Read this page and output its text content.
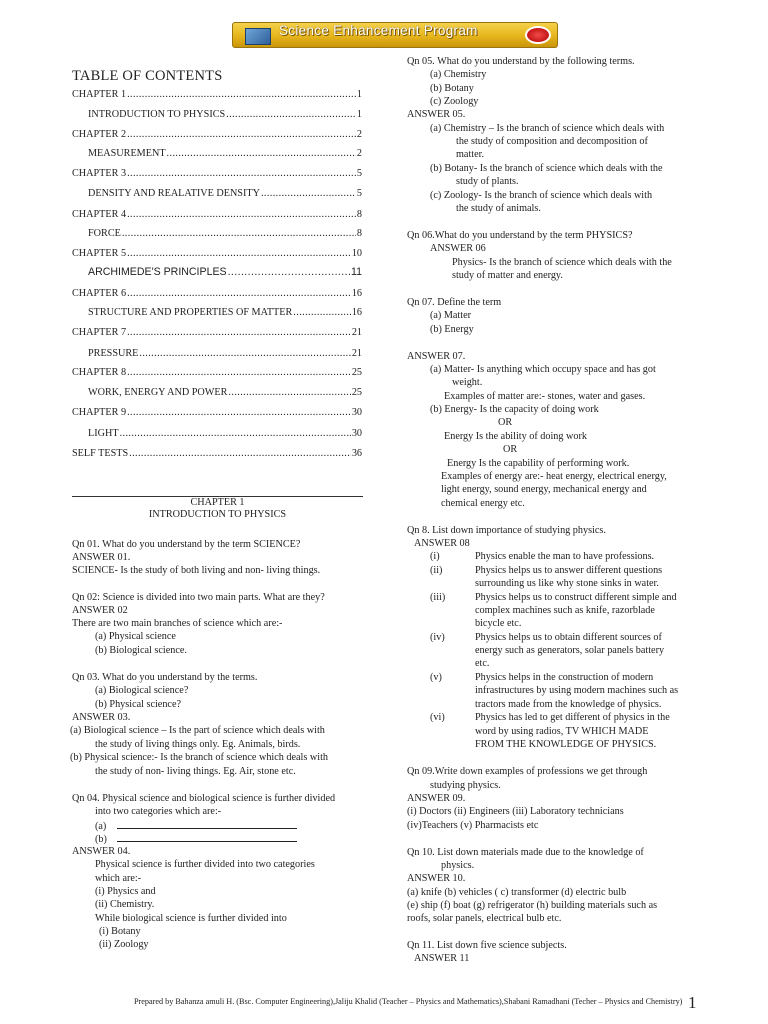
Science Enhancement Program
TABLE OF CONTENTS
CHAPTER 1 .....	1
INTRODUCTION TO PHYSICS .....	1
CHAPTER 2 .....	2
MEASUREMENT .....	2
CHAPTER 3 .....	5
DENSITY AND REALATIVE DENSITY .....	5
CHAPTER 4 .....	8
FORCE .....	8
CHAPTER 5 .....	10
ARCHIMEDE'S PRINCIPLES .....	11
CHAPTER 6 .....	16
STRUCTURE AND PROPERTIES OF MATTER .....	16
CHAPTER 7 .....	21
PRESSURE .....	21
CHAPTER 8 .....	25
WORK, ENERGY AND POWER .....	25
CHAPTER 9 .....	30
LIGHT .....	30
SELF TESTS .....	36
CHAPTER 1
INTRODUCTION TO PHYSICS
Qn 01. What do you understand by the term SCIENCE?
ANSWER 01.
SCIENCE- Is the study of both living and non- living things.
Qn 02: Science is divided into two main parts. What are they?
ANSWER 02
There are two main branches of science which are:-
(a) Physical science
(b) Biological science.
Qn 03. What do you understand by the terms.
(a) Biological science?
(b) Physical science?
ANSWER 03.
(a) Biological science – Is the part of science which deals with
the study of living things only. Eg. Animals, birds.
(b) Physical science:- Is the branch of science which deals with
the study of non- living things. Eg. Air, stone etc.
Qn 04. Physical science and biological science is further divided
into two categories which are:-
(a)
(b)
ANSWER 04.
Physical science is further divided into two categories
which are:-
(i) Physics and
(ii) Chemistry.
While biological science is further divided into
(i) Botany
(ii) Zoology
Qn 05. What do you understand by the following terms.
(a) Chemistry
(b) Botany
(c) Zoology
ANSWER 05.
(a) Chemistry – Is the branch of science which deals with
the study of composition and decomposition of
matter.
(b) Botany- Is the branch of science which deals with the
study of plants.
(c) Zoology- Is the branch of science which deals with
the study of animals.
Qn 06.What do you understand by the term PHYSICS?
ANSWER 06
Physics- Is the branch of science which deals with the
study of matter and energy.
Qn 07. Define the term
(a) Matter
(b) Energy
ANSWER 07.
(a) Matter- Is anything which occupy space and has got
weight.
Examples of matter are:- stones, water and gases.
(b) Energy- Is the capacity of doing work
OR
Energy Is the ability of doing work
OR
Energy Is the capability of performing work.
Examples of energy are:- heat energy, electrical energy,
light energy, sound energy, mechanical energy and
chemical energy etc.
Qn 8. List down importance of studying physics.
ANSWER 08
(i)	Physics enable the man to have professions.
(ii)	Physics helps us to answer different questions
surrounding us like why stone sinks in water.
(iii)	Physics helps us to construct different simple and
complex machines such as knife, razorblade
bicycle etc.
(iv)	Physics helps us to obtain different sources of
energy such as generators, solar panels battery
etc.
(v)	Physics helps in the construction of modern
infrastructures by using modern machines such as
tractors made from the knowledge of physics.
(vi)	Physics has led to get different of physics in the
word by using radios, TV WHICH MADE
FROM THE KNOWLEDGE OF PHYSICS.
Qn 09.Write down examples of professions we get through
studying physics.
ANSWER 09.
(i) Doctors (ii) Engineers (iii) Laboratory technicians
(iv)Teachers (v) Pharmacists etc
Qn 10. List down materials made due to the knowledge of
physics.
ANSWER 10.
(a) knife (b) vehicles ( c) transformer (d) electric bulb
(e) ship (f) boat (g) refrigerator (h) building materials such as
roofs, solar panels, electrical bulb etc.
Qn 11. List down five science subjects.
ANSWER 11
Prepared by Bahanza amuli H. (Bsc. Computer Engineering),Jaliju Khalid (Teacher – Physics and Mathematics),Shabani Ramadhani (Techer – Physics and Chemistry) 1
